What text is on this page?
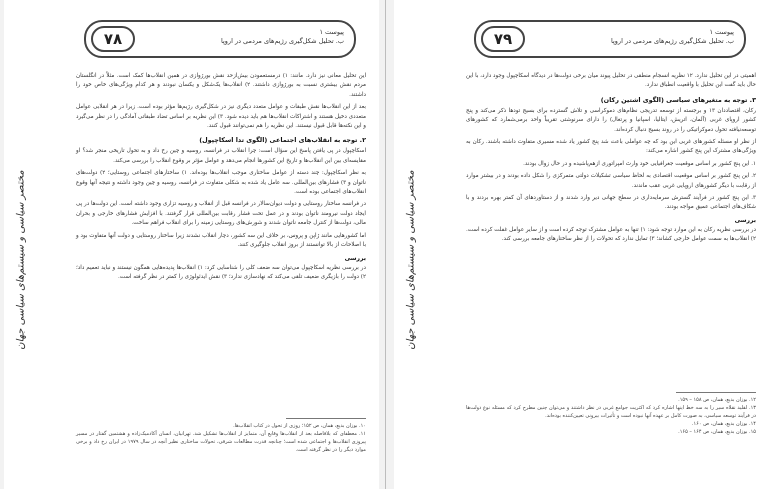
۷۸	پیوست ۱
ب. تحلیل شکل‌گیری رژیم‌های مردمی در اروپا
مختصر سیاسی و سیستم‌های سیاسی جهان

این تحلیل معانی نیز دارد. مانند: ۱) درمستعمودن بیش‌ازحد نقش بورژوازی در همین انقلاب‌ها کمک است. مثلاً در انگلستان مردم نقش بیشتری نسبت به بورژوازی داشتند. ۲) انقلاب‌ها یک‌شکل و یکسان نبودند و هر کدام ویژگی‌های خاص خود را داشتند.

بعد از این انقلاب‌ها نقش طبقات و عوامل متعدد دیگری نیز در شکل‌گیری رژیم‌ها مؤثر بوده است. زیرا در هر انقلابی عوامل متعددی دخیل هستند و اشتراکات انقلاب‌ها هم باید دیده شود. ۳) این نظریه بر اساس تضاد طبقاتی آمادگی را در نظر می‌گیرد و این نکته‌ها قابل قبول نیستند. این نظریه را هم نمی‌توانند قبول کنند.

۲. توجه به انقلاب‌های اجتماعی (الگوی تدا اسکاچپول)

اسکاچپول در پی یافتن پاسخ این سؤال است: چرا انقلاب در فرانسه، روسیه و چین رخ داد و به تحول تاریخی منجر شد؟ او مقایسه‌ای بین این انقلاب‌ها و تاریخ این کشورها انجام می‌دهد و عوامل مؤثر بر وقوع انقلاب را بررسی می‌کند.

به نظر اسکاچپول: چند دسته از عوامل ساختاری موجب انقلاب‌ها بوده‌اند. ۱) ساختارهای اجتماعی روستایی؛ ۲) دولت‌های ناتوان و ۳) فشارهای بین‌المللی. سه عامل یاد شده به شکلی متفاوت در فرانسه، روسیه و چین وجود داشته و نتیجه آنها وقوع انقلاب‌های اجتماعی بوده است.

در فرانسه ساختار روستایی و دولت دیوان‌سالار در فرانسه قبل از انقلاب و روسیه تزاری وجود داشته است. این دولت‌ها در پی ایجاد دولت نیرومند ناتوان بودند و در عمل تحت فشار رقابت بین‌المللی قرار گرفتند. با افزایش فشارهای خارجی و بحران مالی، دولت‌ها از کنترل جامعه ناتوان شدند و شورش‌های روستایی زمینه را برای انقلاب فراهم ساخت.

اما کشورهایی مانند ژاپن و پروس، بر خلاف این سه کشور، دچار انقلاب نشدند زیرا ساختار روستایی و دولت آنها متفاوت بود و با اصلاحات از بالا توانستند از بروز انقلاب جلوگیری کنند.

بررسی

در بررسی نظریه اسکاچپول می‌توان سه ضعف کلی را شناسایی کرد: ۱) انقلاب‌ها پدیده‌هایی همگون نیستند و نباید تعمیم داد؛ ۲) دولت را بازیگری ضعیف تلقی می‌کند که نهادسازی ندارد؛ ۳) نقش ایدئولوژی را کمتر در نظر گرفته است.

۱۰. بوزان بدیع، همان، ص ۱۵۲؛ روزی از تحول در کتاب انقلاب‌ها.

۱۱. معطفای که بلافاصله بعد از انقلاب‌ها وقایع آن، متمایز از انقلاب‌ها تشکیل شد. تهرانیان، انسان آکادمیک‌زاده و هشتمین گفتار در مسیر پیروزی انقلاب‌ها و اجتماعی شده است؛ چنانچه قدرت مطالعات شرقی، تحولات ساختاری نظیر آنچه در سال ۱۹۷۹ در ایران رخ داد و برخی موارد دیگر را در نظر گرفته است.

۷۹	پیوست ۱
ب. تحلیل شکل‌گیری رژیم‌های مردمی در اروپا
مختصر سیاسی و سیستم‌های سیاسی جهان

اهمیتی در این تحلیل ندارد. ۱۲ نظریه انسجام منطقی در تحلیل پیوند میان برخی دولت‌ها در دیدگاه اسکاچپول وجود دارد، با این حال باید گفت این تحلیل با واقعیت انطباق ندارد.

۳. توجه به متغیرهای سیاسی (الگوی اشتین رکان)

رکان، اقتصاددان ۱۳ و برجسته از توسعه تدریجی نظام‌های دموکراسی و تلاش گسترده برای بسیج تودها ذکر می‌کند و پنج کشور اروپای غربی (آلمان، اتریش، ایتالیا، اسپانیا و پرتغال) را دارای سرنوشتی تقریباً واحد برمی‌شمارد که کشورهای توسعه‌نیافته تحول دموکراتیکی را در روند بسیج دنبال کرده‌اند.

از نظر او مسئله کشورهای غربی این بود که چه عواملی باعث شد پنج کشور یاد شده مسیری متفاوت داشته باشند. رکان به ویژگی‌های مشترک این پنج کشور اشاره می‌کند:

۱. این پنج کشور بر اساس موقعیت جغرافیایی خود وارث امپراتوری ازهم‌پاشیده و در حال زوال بودند.

۲. این پنج کشور بر اساس موقعیت اقتصادی به لحاظ سیاسی تشکیلات دولتی متمرکزی را شکل داده بودند و در بیشتر موارد از رقابت با دیگر کشورهای اروپایی غربی عقب ماندند.

۳. این پنج کشور در فرآیند گسترش سرمایه‌داری در سطح جهانی دیر وارد شدند و از دستاوردهای آن کمتر بهره بردند و با شکاف‌های اجتماعی عمیق مواجه بودند.

بررسی

در بررسی نظریه رکان به این موارد توجه شود: ۱) تنها به عوامل مشترک توجه کرده است و از سایر عوامل غفلت کرده است. ۲) انقلاب‌ها به سمت عوامل خارجی کشاند؛ ۳) تمایل ندارد که تحولات را از نظر ساختار‌های جامعه بررسی کند.

۱۲. بوزان بدیع، همان، ص ۱۵۸ – ۱۵۹.

۱۳. لقلید نقلاه سیر را به سه خط اینها اشاره کرد که اکثریت جوامع غربی در نظر داشتند و می‌توان چنین مطرح کرد که مسئله نوع دولت‌ها در فرآیند توسعه سیاسی، به صورت کامل بر عهده آنها نبوده است و تأثیرات بیرونی تعیین‌کننده بوده‌اند.

۱۴. بوزان بدیع، همان، ص ۱۶۰.

۱۵. بوزان بدیع، همان، ص ۱۶۴ – ۱۶۵.
